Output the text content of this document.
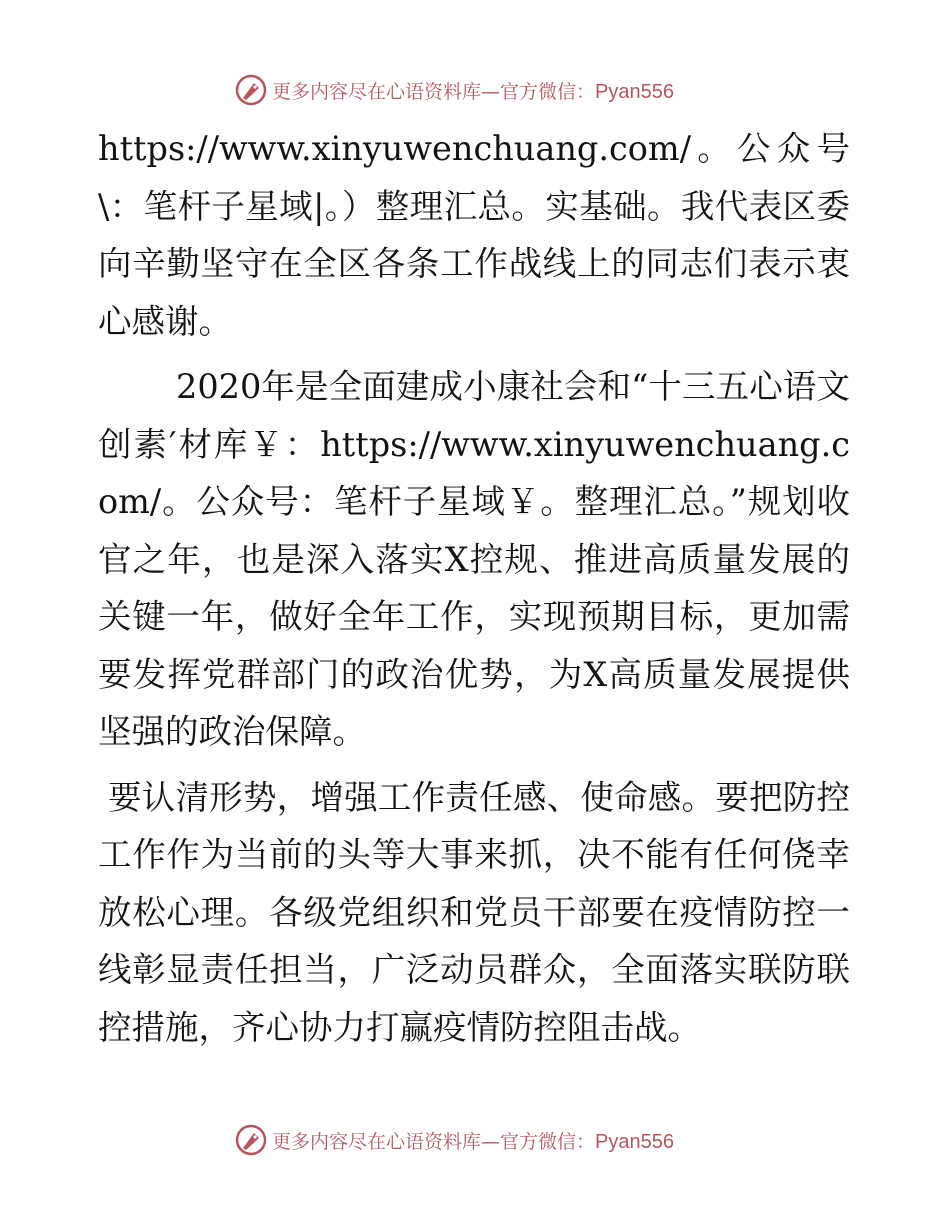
更多内容尽在心语资料库—官方微信：Pyan556

https://www.xinyuwenchuang.com/。公众号\：笔杆子星域|。）整理汇总。实基础。我代表区委向辛勤坚守在全区各条工作战线上的同志们表示衷心感谢。

2020年是全面建成小康社会和“十三五心语文创素′材库￥：https://www.xinyuwenchuang.com/。公众号：笔杆子星域￥。整理汇总。”规划收官之年，也是深入落实X控规、推进高质量发展的关键一年，做好全年工作，实现预期目标，更加需要发挥党群部门的政治优势，为X高质量发展提供坚强的政治保障。

要认清形势，增强工作责任感、使命感。要把防控工作作为当前的头等大事来抓，决不能有任何侥幸放松心理。各级党组织和党员干部要在疫情防控一线彰显责任担当，广泛动员群众，全面落实联防联控措施，齐心协力打赢疫情防控阻击战。

更多内容尽在心语资料库—官方微信：Pyan556
